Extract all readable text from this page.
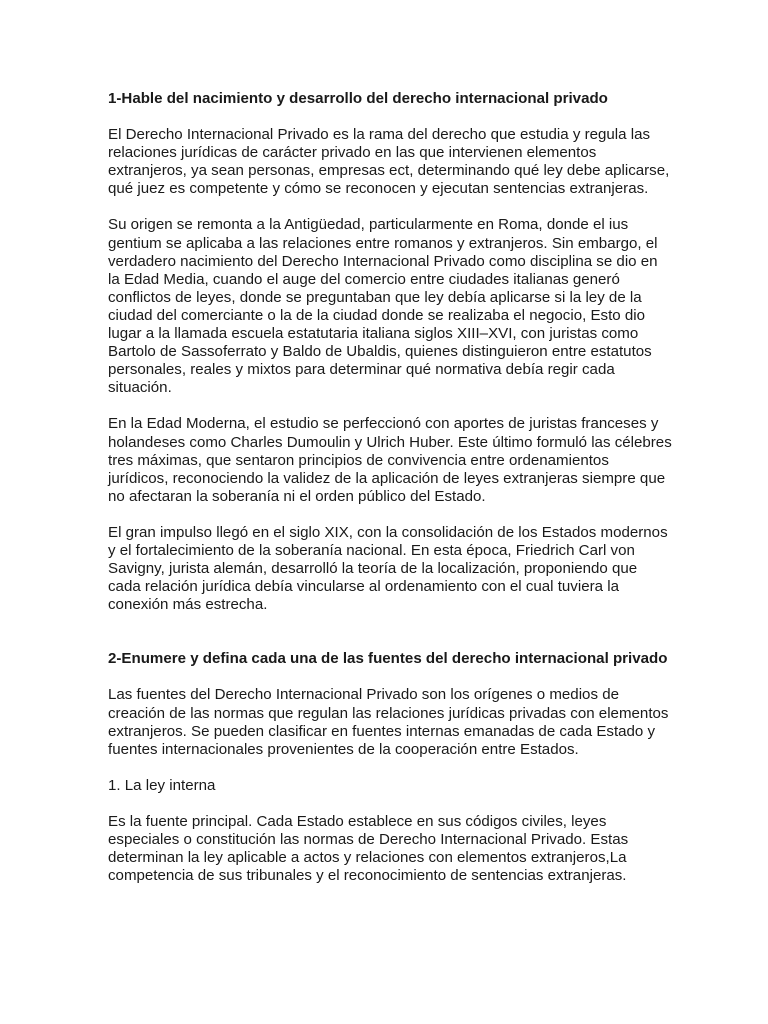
1-Hable del nacimiento y desarrollo del derecho internacional privado

El Derecho Internacional Privado es la rama del derecho que estudia y regula las relaciones jurídicas de carácter privado en las que intervienen elementos extranjeros, ya sean personas, empresas ect, determinando qué ley debe aplicarse, qué juez es competente y cómo se reconocen y ejecutan sentencias extranjeras.

Su origen se remonta a la Antigüedad, particularmente en Roma, donde el ius gentium se aplicaba a las relaciones entre romanos y extranjeros. Sin embargo, el verdadero nacimiento del Derecho Internacional Privado como disciplina se dio en la Edad Media, cuando el auge del comercio entre ciudades italianas generó conflictos de leyes, donde se preguntaban que ley debía aplicarse si la ley de la ciudad del comerciante o la de la ciudad donde se realizaba el negocio, Esto dio lugar a la llamada escuela estatutaria italiana siglos XIII–XVI, con juristas como Bartolo de Sassoferrato y Baldo de Ubaldis, quienes distinguieron entre estatutos personales, reales y mixtos para determinar qué normativa debía regir cada situación.

En la Edad Moderna, el estudio se perfeccionó con aportes de juristas franceses y holandeses como Charles Dumoulin y Ulrich Huber. Este último formuló las célebres tres máximas, que sentaron principios de convivencia entre ordenamientos jurídicos, reconociendo la validez de la aplicación de leyes extranjeras siempre que no afectaran la soberanía ni el orden público del Estado.

El gran impulso llegó en el siglo XIX, con la consolidación de los Estados modernos y el fortalecimiento de la soberanía nacional. En esta época, Friedrich Carl von Savigny, jurista alemán, desarrolló la teoría de la localización, proponiendo que cada relación jurídica debía vincularse al ordenamiento con el cual tuviera la conexión más estrecha.

2-Enumere y defina cada una de las fuentes del derecho internacional privado

Las fuentes del Derecho Internacional Privado son los orígenes o medios de creación de las normas que regulan las relaciones jurídicas privadas con elementos extranjeros. Se pueden clasificar en fuentes internas emanadas de cada Estado y fuentes internacionales provenientes de la cooperación entre Estados.

1. La ley interna

Es la fuente principal. Cada Estado establece en sus códigos civiles, leyes especiales o constitución las normas de Derecho Internacional Privado. Estas determinan la ley aplicable a actos y relaciones con elementos extranjeros,La competencia de sus tribunales y el reconocimiento de sentencias extranjeras.
